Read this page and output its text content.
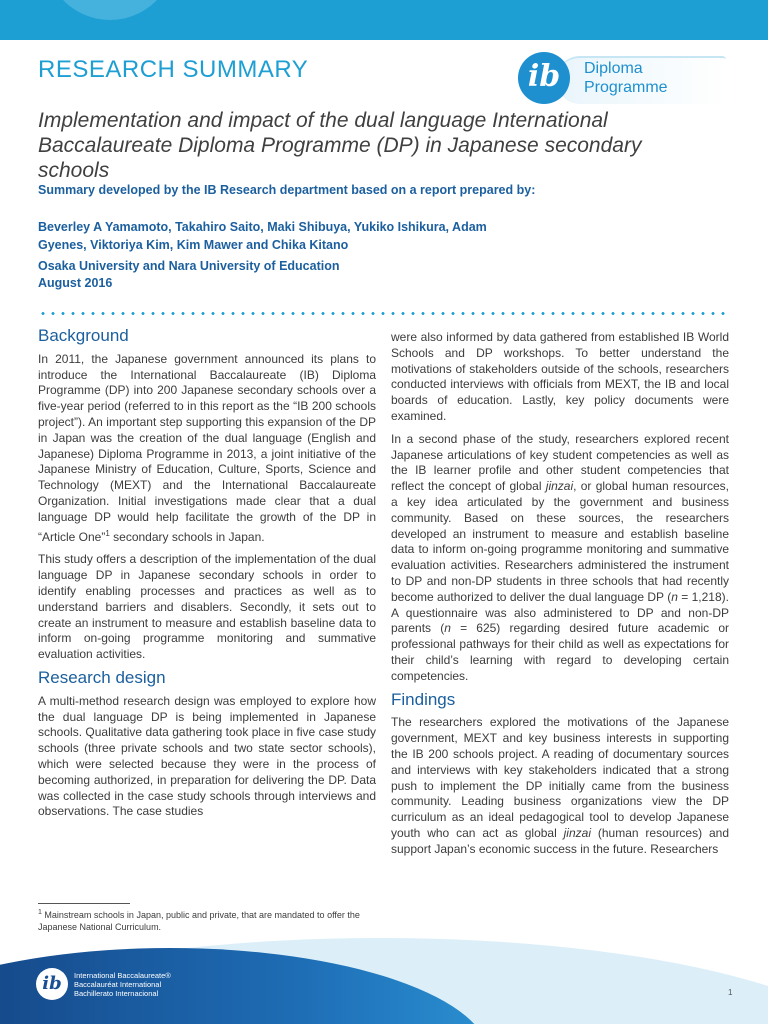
RESEARCH SUMMARY	ib	Diploma
Programme
Implementation and impact of the dual language International Baccalaureate Diploma Programme (DP) in Japanese secondary schools
Summary developed by the IB Research department based on a report prepared by:
Beverley A Yamamoto, Takahiro Saito, Maki Shibuya, Yukiko Ishikura, Adam Gyenes, Viktoriya Kim, Kim Mawer and Chika Kitano
Osaka University and Nara University of Education
August 2016
Background

In 2011, the Japanese government announced its plans to introduce the International Baccalaureate (IB) Diploma Programme (DP) into 200 Japanese secondary schools over a five-year period (referred to in this report as the “IB 200 schools project”). An important step supporting this expansion of the DP in Japan was the creation of the dual language (English and Japanese) Diploma Programme in 2013, a joint initiative of the Japanese Ministry of Education, Culture, Sports, Science and Technology (MEXT) and the International Baccalaureate Organization. Initial investigations made clear that a dual language DP would help facilitate the growth of the DP in “Article One”$^1$ secondary schools in Japan.

This study offers a description of the implementation of the dual language DP in Japanese secondary schools in order to identify enabling processes and practices as well as to understand barriers and disablers. Secondly, it sets out to create an instrument to measure and establish baseline data to inform on-going programme monitoring and summative evaluation activities.

Research design

A multi-method research design was employed to explore how the dual language DP is being implemented in Japanese schools. Qualitative data gathering took place in five case study schools (three private schools and two state sector schools), which were selected because they were in the process of becoming authorized, in preparation for delivering the DP. Data was collected in the case study schools through interviews and observations. The case studies

were also informed by data gathered from established IB World Schools and DP workshops. To better understand the motivations of stakeholders outside of the schools, researchers conducted interviews with officials from MEXT, the IB and local boards of education. Lastly, key policy documents were examined.

In a second phase of the study, researchers explored recent Japanese articulations of key student competencies as well as the IB learner profile and other student competencies that reflect the concept of global jinzai, or global human resources, a key idea articulated by the government and business community. Based on these sources, the researchers developed an instrument to measure and establish baseline data to inform on-going programme monitoring and summative evaluation activities. Researchers administered the instrument to DP and non-DP students in three schools that had recently become authorized to deliver the dual language DP (n = 1,218). A questionnaire was also administered to DP and non-DP parents (n = 625) regarding desired future academic or professional pathways for their child as well as expectations for their child’s learning with regard to developing certain competencies.

Findings

The researchers explored the motivations of the Japanese government, MEXT and key business interests in supporting the IB 200 schools project. A reading of documentary sources and interviews with key stakeholders indicated that a strong push to implement the DP initially came from the business community. Leading business organizations view the DP curriculum as an ideal pedagogical tool to develop Japanese youth who can act as global jinzai (human resources) and support Japan’s economic success in the future. Researchers

$^1$ Mainstream schools in Japan, public and private, that are mandated to offer the Japanese National Curriculum.
ib	International Baccalaureate®
Baccalauréat International
Bachillerato Internacional	1
